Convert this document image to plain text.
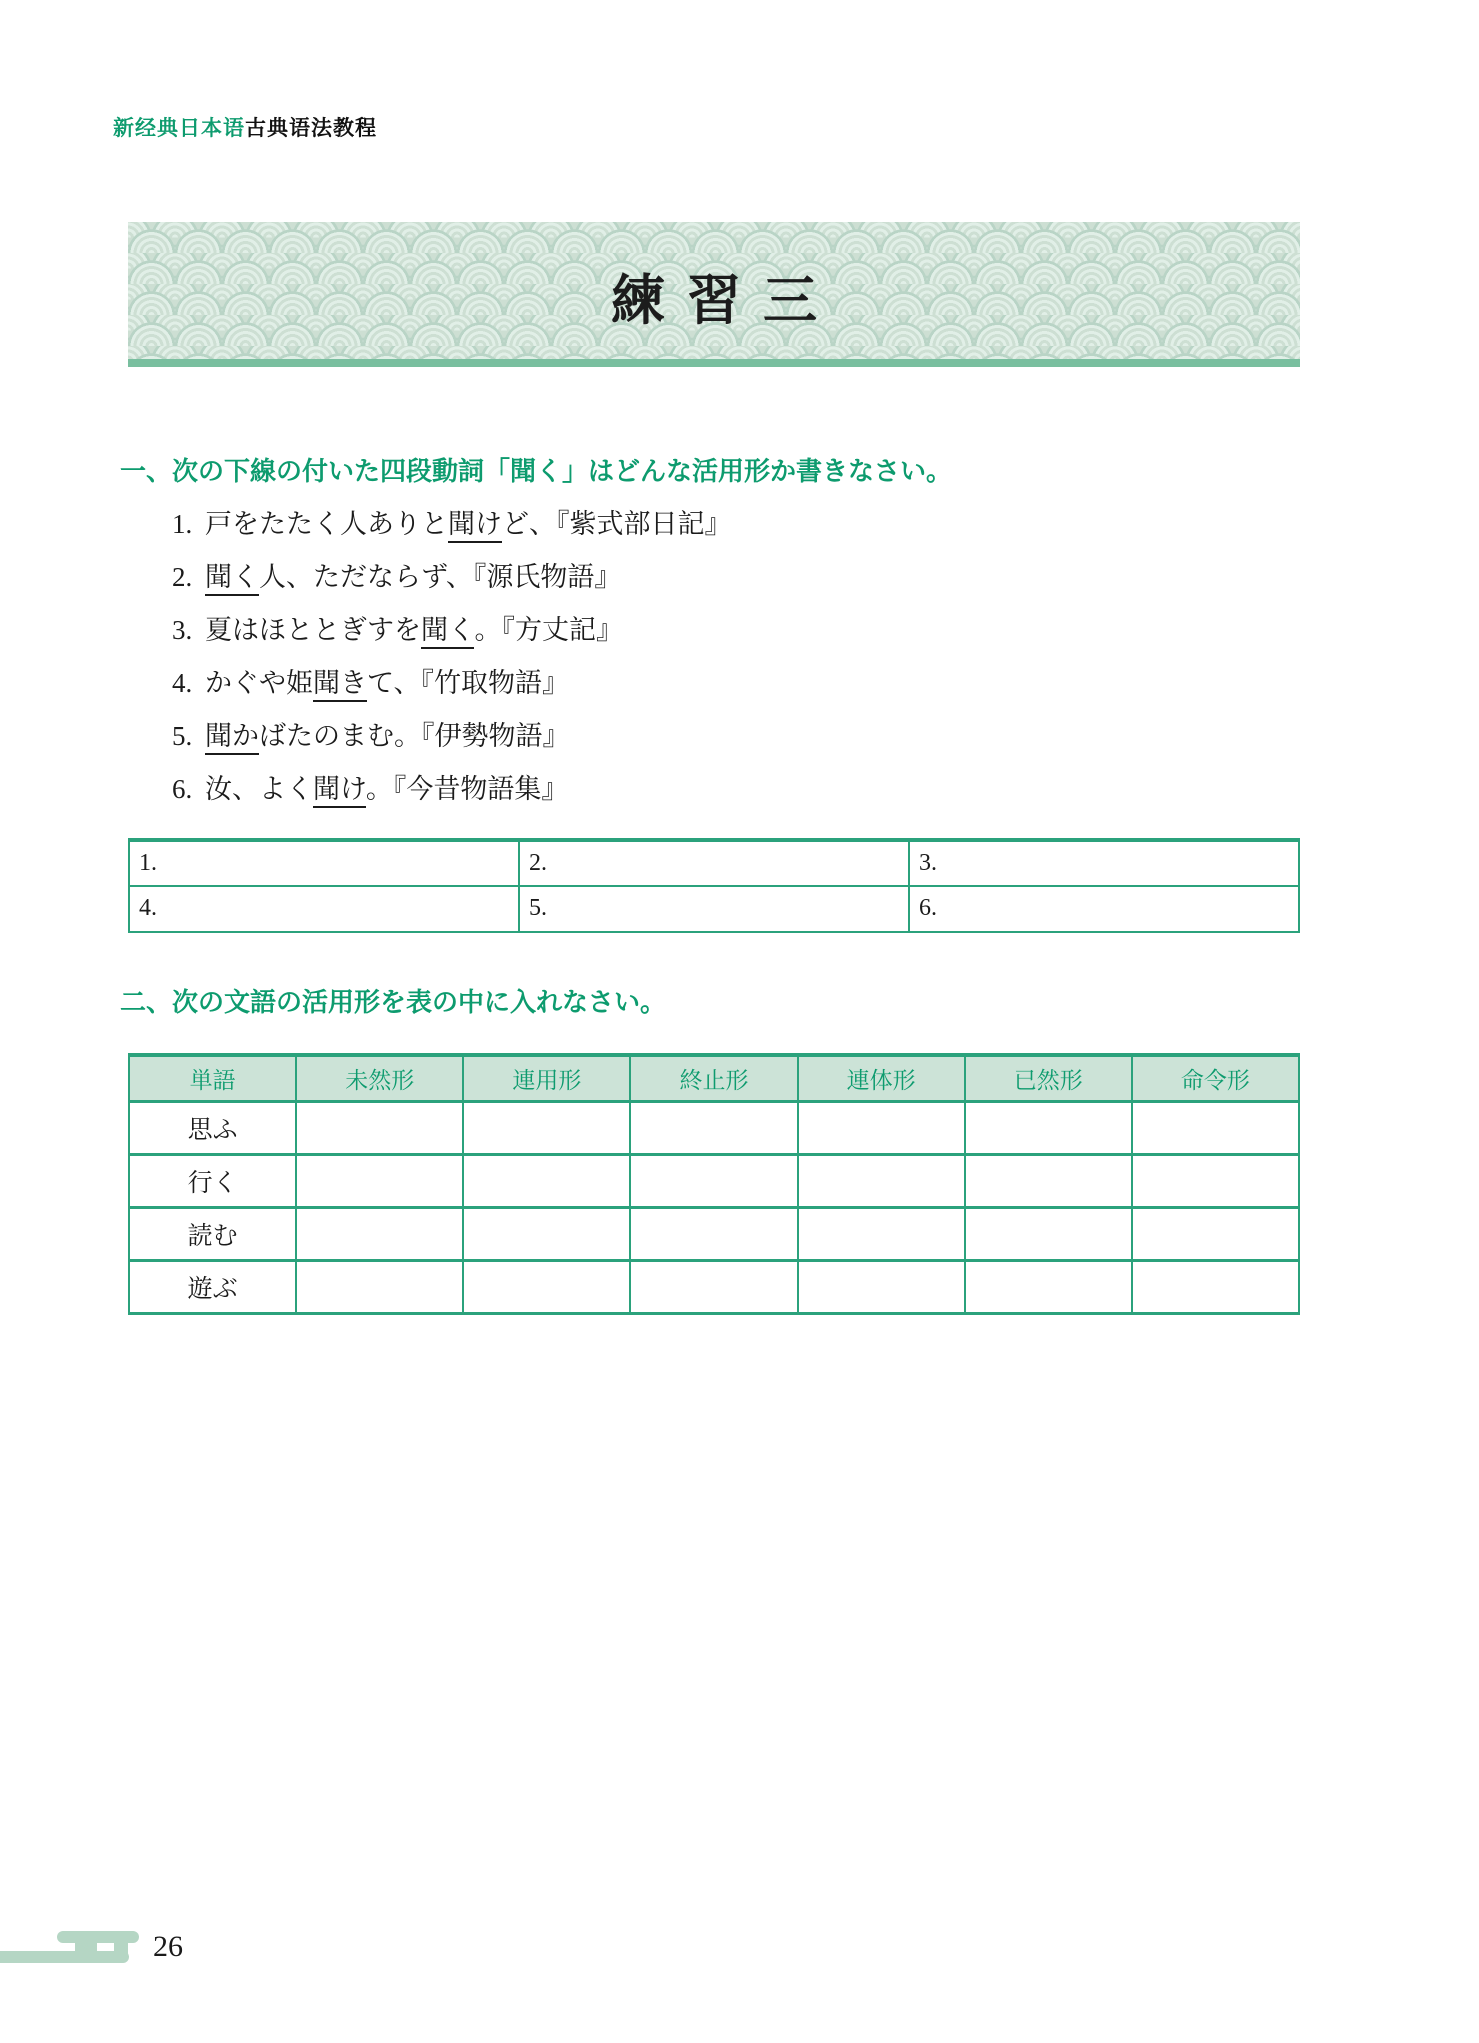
新经典日本语古典语法教程
練習三
一、次の下線の付いた四段動詞「聞く」はどんな活用形か書きなさい。
1. 戸をたたく人ありと聞けど、『紫式部日記』
2. 聞く人、ただならず、『源氏物語』
3. 夏はほととぎすを聞く。『方丈記』
4. かぐや姫聞きて、『竹取物語』
5. 聞かばたのまむ。『伊勢物語』
6. 汝、よく聞け。『今昔物語集』
1.	2.	3.
4.	5.	6.
二、次の文語の活用形を表の中に入れなさい。
単語	未然形	連用形	終止形	連体形	已然形	命令形
思ふ						
行く						
読む						
遊ぶ						
26
